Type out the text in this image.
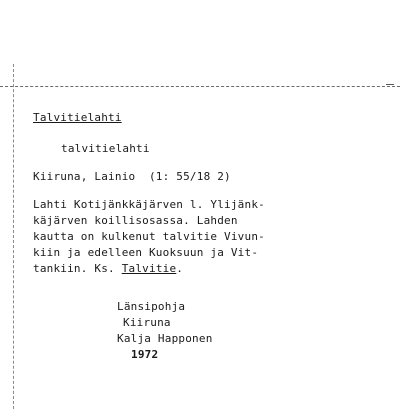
Talvitielahti
talvitielahti
Kiiruna, Lainio  (1: 55/18 2)
Lahti Kotijänkkäjärven l. Ylijänk-
käjärven koillisosassa. Lahden
kautta on kulkenut talvitie Vivun-
kiin ja edelleen Kuoksuun ja Vit-
tankiin. Ks. Talvitie.
Länsipohja
Kiiruna
Kalja Happonen
1972
